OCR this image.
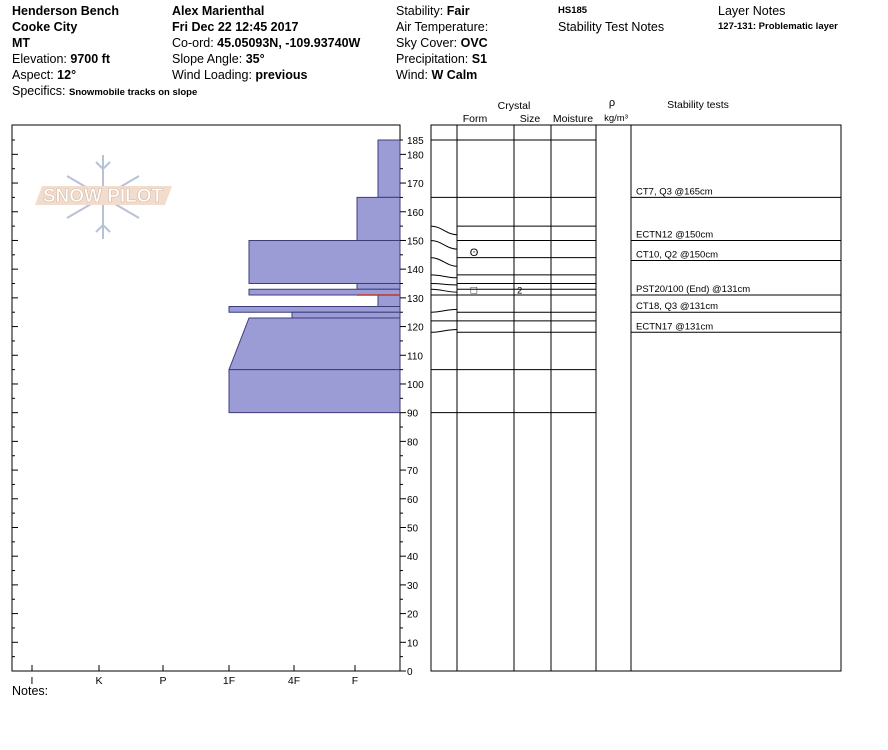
Henderson Bench
Cooke City
MT
Elevation: 9700 ft
Aspect: 12°
Specifics: Snowmobile tracks on slope
Alex Marienthal
Fri Dec 22 12:45 2017
Co-ord: 45.05093N, -109.93740W
Slope Angle: 35°
Wind Loading: previous
Stability: Fair
Air Temperature:
Sky Cover: OVC
Precipitation: S1
Wind: W Calm
HS185
Stability Test Notes
Layer Notes
127-131: Problematic layer
SNOW PILOT
Crystal
Form	Size Moisture
ρ
kg/m³
Stability tests
0
10
20
30
40
50
60
70
80
90
100
110
120
130
140
150
160
170
180
185
ʘ
□	2
CT7, Q3 @165cm
ECTN12 @150cm
CT10, Q2 @150cm
PST20/100 (End) @131cm
CT18, Q3 @131cm
ECTN17 @131cm
I	K	P	1F	4F	F
Notes:
